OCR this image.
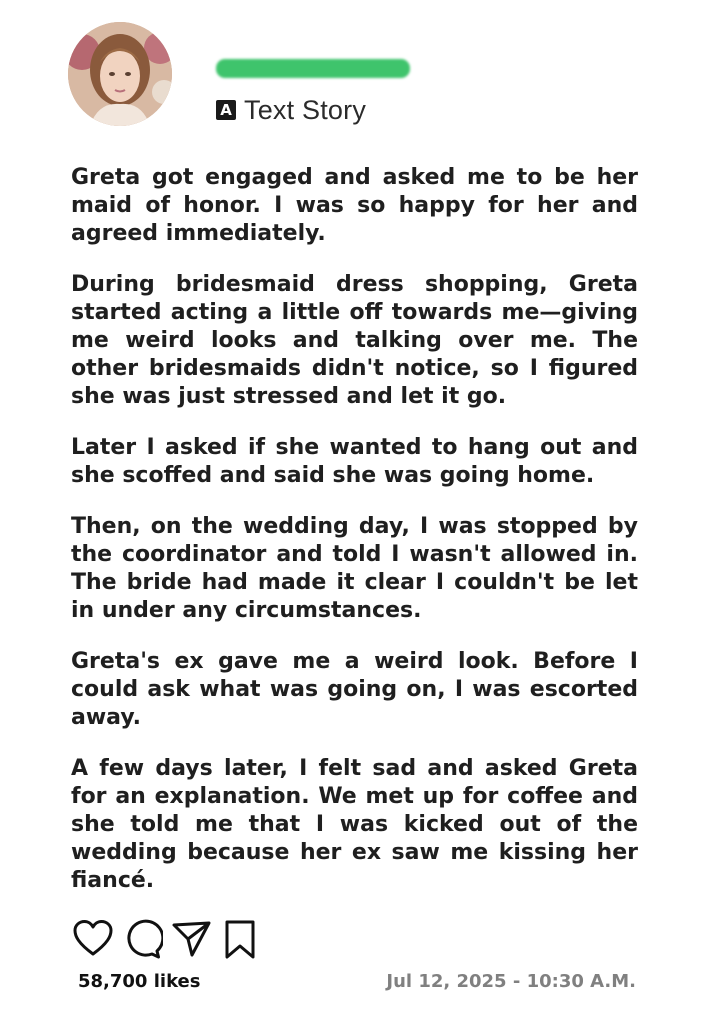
A Text Story

Greta got engaged and asked me to be her maid of honor. I was so happy for her and agreed immediately.

During bridesmaid dress shopping, Greta started acting a little off towards me—giving me weird looks and talking over me. The other bridesmaids didn't notice, so I figured she was just stressed and let it go.

Later I asked if she wanted to hang out and she scoffed and said she was going home.

Then, on the wedding day, I was stopped by the coordinator and told I wasn't allowed in. The bride had made it clear I couldn't be let in under any circumstances.

Greta's ex gave me a weird look. Before I could ask what was going on, I was escorted away.

A few days later, I felt sad and asked Greta for an explanation. We met up for coffee and she told me that I was kicked out of the wedding because her ex saw me kissing her fiancé.

58,700 likes	Jul 12, 2025 - 10:30 A.M.
